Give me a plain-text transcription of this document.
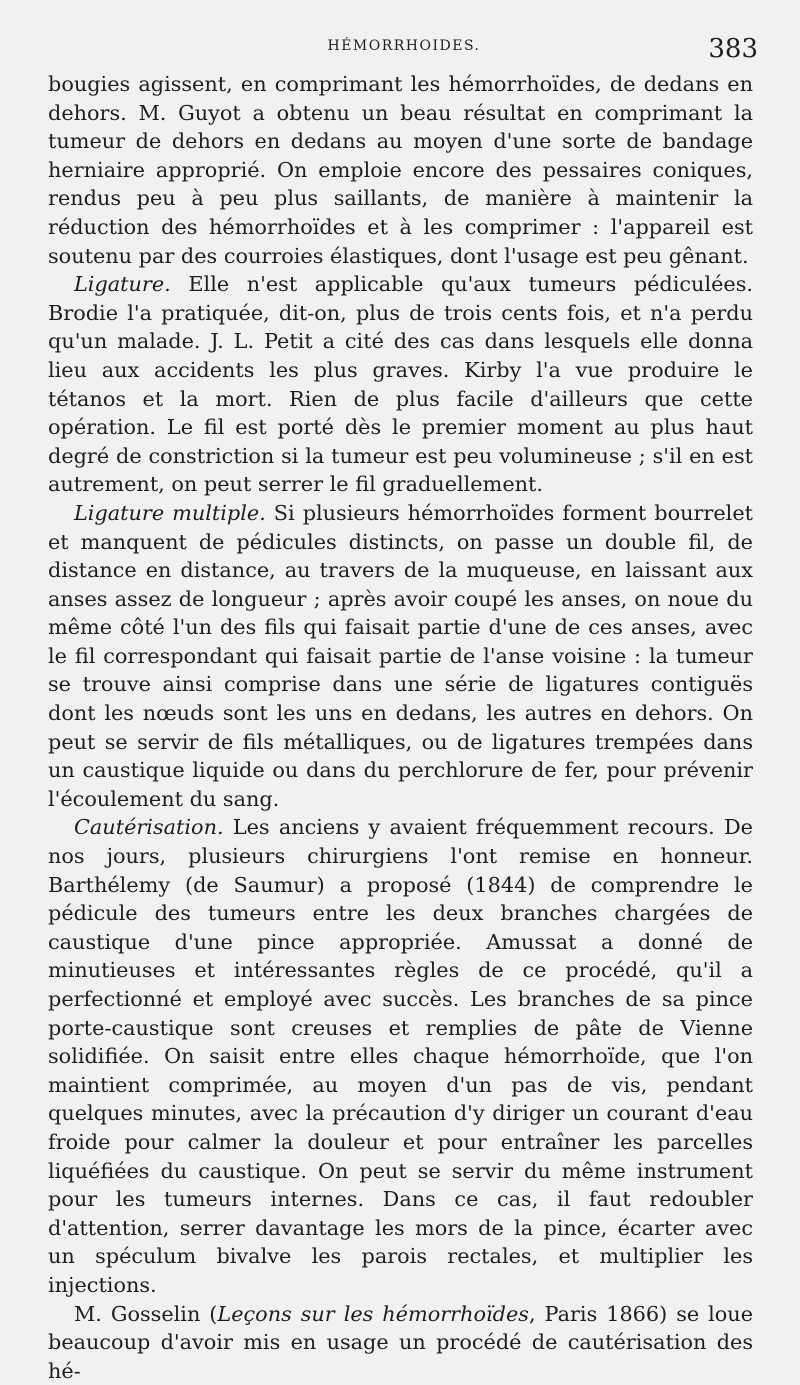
HÉMORRHOIDES.	383

bougies agissent, en comprimant les hémorrhoïdes, de dedans en dehors. M. Guyot a obtenu un beau résultat en comprimant la tumeur de dehors en dedans au moyen d'une sorte de bandage herniaire approprié. On emploie encore des pessaires coniques, rendus peu à peu plus saillants, de manière à maintenir la réduction des hémorrhoïdes et à les comprimer : l'appareil est soutenu par des courroies élastiques, dont l'usage est peu gênant.

Ligature. Elle n'est applicable qu'aux tumeurs pédiculées. Brodie l'a pratiquée, dit-on, plus de trois cents fois, et n'a perdu qu'un malade. J. L. Petit a cité des cas dans lesquels elle donna lieu aux accidents les plus graves. Kirby l'a vue produire le tétanos et la mort. Rien de plus facile d'ailleurs que cette opération. Le fil est porté dès le premier moment au plus haut degré de constriction si la tumeur est peu volumineuse ; s'il en est autrement, on peut serrer le fil graduellement.

Ligature multiple. Si plusieurs hémorrhoïdes forment bourrelet et manquent de pédicules distincts, on passe un double fil, de distance en distance, au travers de la muqueuse, en laissant aux anses assez de longueur ; après avoir coupé les anses, on noue du même côté l'un des fils qui faisait partie d'une de ces anses, avec le fil correspondant qui faisait partie de l'anse voisine : la tumeur se trouve ainsi comprise dans une série de ligatures contiguës dont les nœuds sont les uns en dedans, les autres en dehors. On peut se servir de fils métalliques, ou de ligatures trempées dans un caustique liquide ou dans du perchlorure de fer, pour prévenir l'écoulement du sang.

Cautérisation. Les anciens y avaient fréquemment recours. De nos jours, plusieurs chirurgiens l'ont remise en honneur. Barthélemy (de Saumur) a proposé (1844) de comprendre le pédicule des tumeurs entre les deux branches chargées de caustique d'une pince appropriée. Amussat a donné de minutieuses et intéressantes règles de ce procédé, qu'il a perfectionné et employé avec succès. Les branches de sa pince porte-caustique sont creuses et remplies de pâte de Vienne solidifiée. On saisit entre elles chaque hémorrhoïde, que l'on maintient comprimée, au moyen d'un pas de vis, pendant quelques minutes, avec la précaution d'y diriger un courant d'eau froide pour calmer la douleur et pour entraîner les parcelles liquéfiées du caustique. On peut se servir du même instrument pour les tumeurs internes. Dans ce cas, il faut redoubler d'attention, serrer davantage les mors de la pince, écarter avec un spéculum bivalve les parois rectales, et multiplier les injections.

M. Gosselin (Leçons sur les hémorrhoïdes, Paris 1866) se loue beaucoup d'avoir mis en usage un procédé de cautérisation des hé-
